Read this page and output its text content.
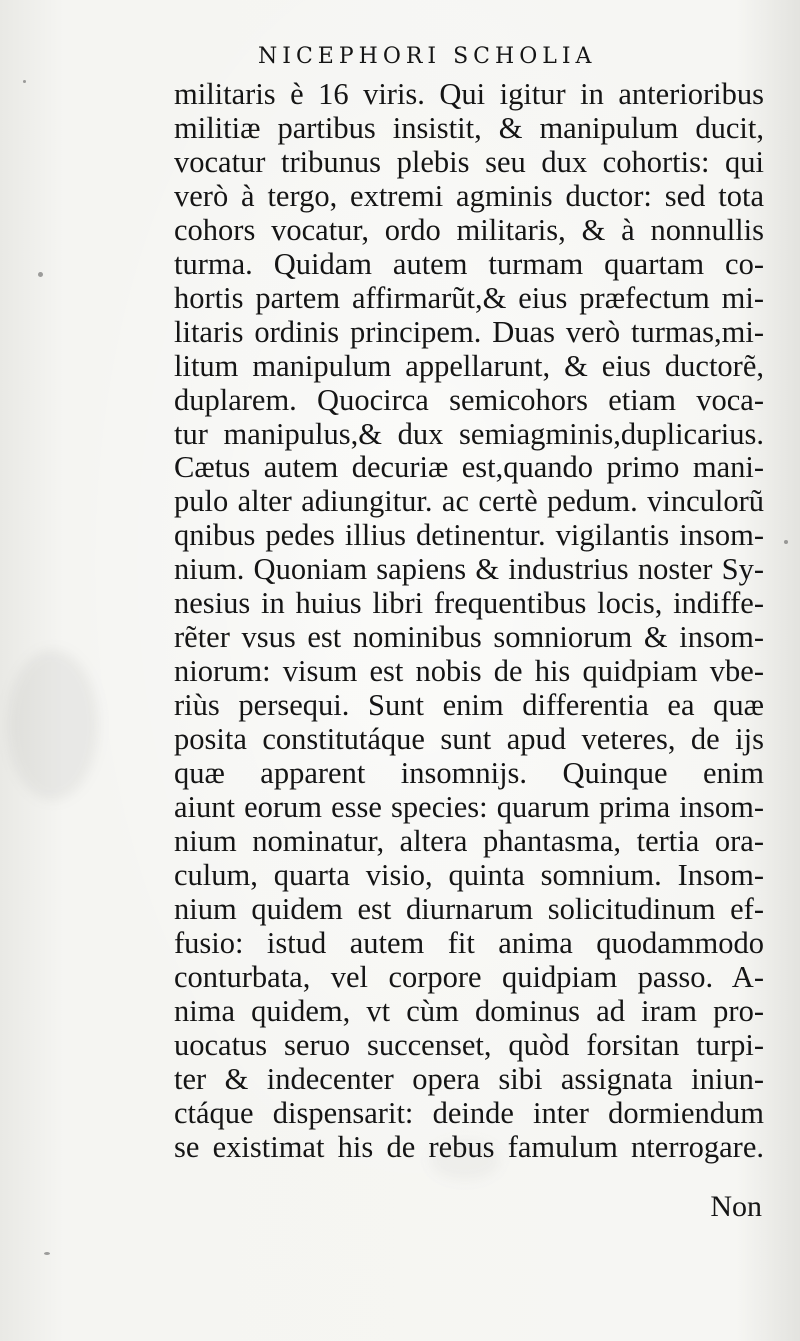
NICEPHORI SCHOLIA
militaris è 16 viris. Qui igitur in anterioribus
militiæ partibus insistit, & manipulum ducit,
vocatur tribunus plebis seu dux cohortis: qui
verò à tergo, extremi agminis ductor: sed tota
cohors vocatur, ordo militaris, & à nonnullis
turma. Quidam autem turmam quartam co-
hortis partem affirmarũt,& eius præfectum mi-
litaris ordinis principem. Duas verò turmas,mi-
litum manipulum appellarunt, & eius ductorẽ,
duplarem. Quocirca semicohors etiam voca-
tur manipulus,& dux semiagminis,duplicarius.
Cætus autem decuriæ est,quando primo mani-
pulo alter adiungitur. ac certè pedum. vinculorũ
qnibus pedes illius detinentur. vigilantis insom-
nium. Quoniam sapiens & industrius noster Sy-
nesius in huius libri frequentibus locis, indiffe-
rẽter vsus est nominibus somniorum & insom-
niorum: visum est nobis de his quidpiam vbe-
riùs persequi. Sunt enim differentia ea quæ
posita constitutáque sunt apud veteres, de ijs
quæ apparent insomnijs. Quinque enim
aiunt eorum esse species: quarum prima insom-
nium nominatur, altera phantasma, tertia ora-
culum, quarta visio, quinta somnium. Insom-
nium quidem est diurnarum solicitudinum ef-
fusio: istud autem fit anima quodammodo
conturbata, vel corpore quidpiam passo. A-
nima quidem, vt cùm dominus ad iram pro-
uocatus seruo succenset, quòd forsitan turpi-
ter & indecenter opera sibi assignata iniun-
ctáque dispensarit: deinde inter dormiendum
se existimat his de rebus famulum nterrogare.
Non
